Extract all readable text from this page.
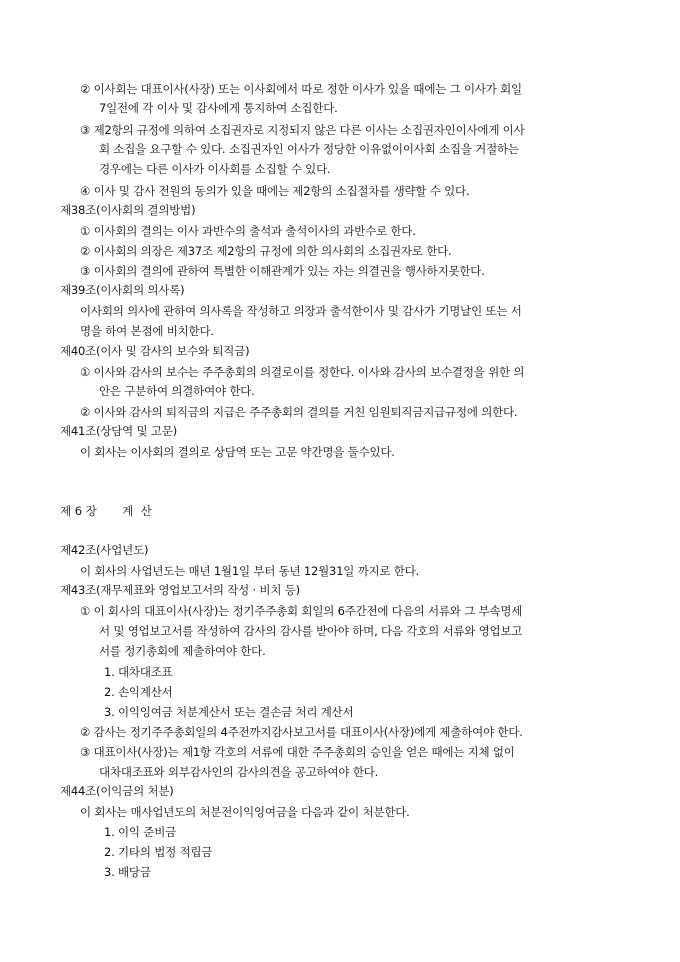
② 이사회는 대표이사(사장) 또는 이사회에서 따로 정한 이사가 있을 때에는 그 이사가 회일
7일전에 각 이사 및 감사에게 통지하여 소집한다.
③ 제2항의 규정에 의하여 소집권자로 지정되지 않은 다른 이사는 소집권자인이사에게 이사
회 소집을 요구할 수 있다. 소집권자인 이사가 정당한 이유없이이사회 소집을 거절하는
경우에는 다른 이사가 이사회를 소집할 수 있다.
④ 이사 및 감사 전원의 동의가 있을 때에는 제2항의 소집절차를 생략할 수 있다.
제38조(이사회의 결의방법)
① 이사회의 결의는 이사 과반수의 출석과 출석이사의 과반수로 한다.
② 이사회의 의장은 제37조 제2항의 규정에 의한 의사회의 소집권자로 한다.
③ 이사회의 결의에 관하여 특별한 이해관계가 있는 자는 의결권을 행사하지못한다.
제39조(이사회의 의사록)
이사회의 의사에 관하여 의사록을 작성하고 의장과 출석한이사 및 감사가 기명날인 또는 서
명을 하여 본점에 비치한다.
제40조(이사 및 감사의 보수와 퇴직금)
① 이사와 감사의 보수는 주주총회의 의결로이를 정한다. 이사와 감사의 보수결정을 위한 의
안은 구분하여 의결하여야 한다.
② 이사와 감사의 퇴직금의 지급은 주주총회의 결의를 거친 임원퇴직금지급규정에 의한다.
제41조(상담역 및 고문)
이 회사는 이사회의 결의로 상담역 또는 고문 약간명을 둘수있다.
제 6 장 계  산
제42조(사업년도)
이 회사의 사업년도는 매년 1월1일 부터 동년 12월31일 까지로 한다.
제43조(재무제표와 영업보고서의 작성 · 비치 등)
① 이 회사의 대표이사(사장)는 정기주주총회 회일의 6주간전에 다음의 서류와 그 부속명세
서 및 영업보고서를 작성하여 감사의 감사를 받아야 하며, 다음 각호의 서류와 영업보고
서를 정기총회에 제출하여야 한다.
1. 대차대조표
2. 손익계산서
3. 이익잉여금 처분계산서 또는 결손금 처리 계산서
② 감사는 정기주주총회일의 4주전까지감사보고서를 대표이사(사장)에게 제출하여야 한다.
③ 대표이사(사장)는 제1항 각호의 서류에 대한 주주총회의 승인을 얻은 때에는 지체 없이
대차대조표와 외부감사인의 감사의견을 공고하여야 한다.
제44조(이익금의 처분)
이 회사는 매사업년도의 처분전이익잉여금을 다음과 같이 처분한다.
1. 이익 준비금
2. 기타의 법정 적립금
3. 배당금
